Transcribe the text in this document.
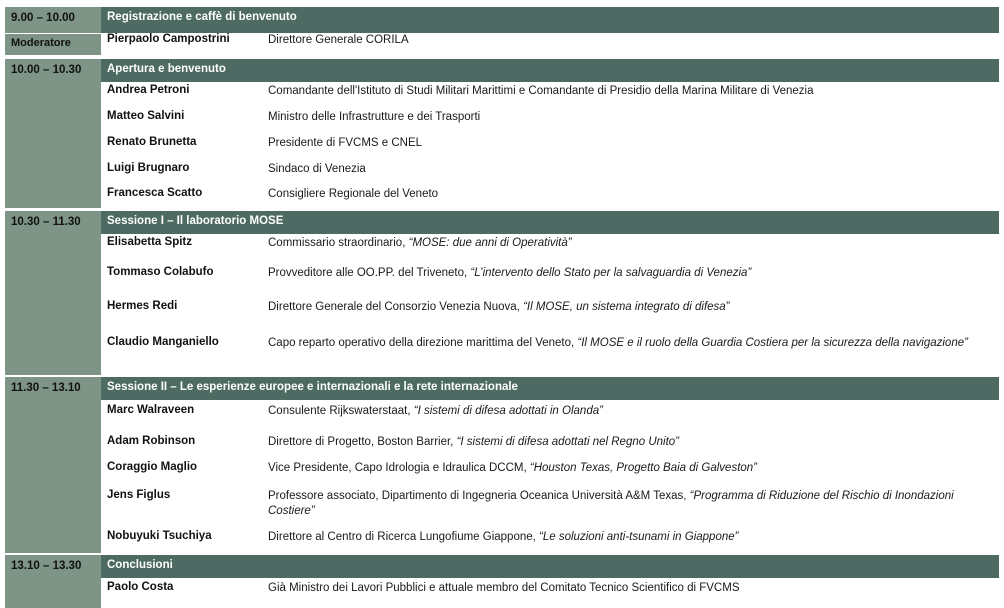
9.00 – 10.00	Registrazione e caffè di benvenuto
Moderatore	Pierpaolo Campostrini	Direttore Generale CORILA
10.00 – 10.30	Apertura e benvenuto
Andrea Petroni	Comandante dell'Istituto di Studi Militari Marittimi e Comandante di Presidio della Marina Militare di Venezia
Matteo Salvini	Ministro delle Infrastrutture e dei Trasporti
Renato Brunetta	Presidente di FVCMS e CNEL
Luigi Brugnaro	Sindaco di Venezia
Francesca Scatto	Consigliere Regionale del Veneto
10.30 – 11.30	Sessione I – Il laboratorio MOSE
Elisabetta Spitz	Commissario straordinario, “MOSE: due anni di Operatività”
Tommaso Colabufo	Provveditore alle OO.PP. del Triveneto, “L’intervento dello Stato per la salvaguardia di Venezia”
Hermes Redi	Direttore Generale del Consorzio Venezia Nuova, “Il MOSE, un sistema integrato di difesa”
Claudio Manganiello	Capo reparto operativo della direzione marittima del Veneto, “Il MOSE e il ruolo della Guardia Costiera per la sicurezza della navigazione”
11.30 – 13.10	Sessione II – Le esperienze europee e internazionali e la rete internazionale
Marc Walraveen	Consulente Rijkswaterstaat, “I sistemi di difesa adottati in Olanda”
Adam Robinson	Direttore di Progetto, Boston Barrier, “I sistemi di difesa adottati nel Regno Unito”
Coraggio Maglio	Vice Presidente, Capo Idrologia e Idraulica DCCM, “Houston Texas, Progetto Baia di Galveston”
Jens Figlus	Professore associato, Dipartimento di Ingegneria Oceanica Università A&M Texas, “Programma di Riduzione del Rischio di Inondazioni Costiere”
Nobuyuki Tsuchiya	Direttore al Centro di Ricerca Lungofiume Giappone, “Le soluzioni anti-tsunami in Giappone”
13.10 – 13.30	Conclusioni
Paolo Costa	Già Ministro dei Lavori Pubblici e attuale membro del Comitato Tecnico Scientifico di FVCMS
